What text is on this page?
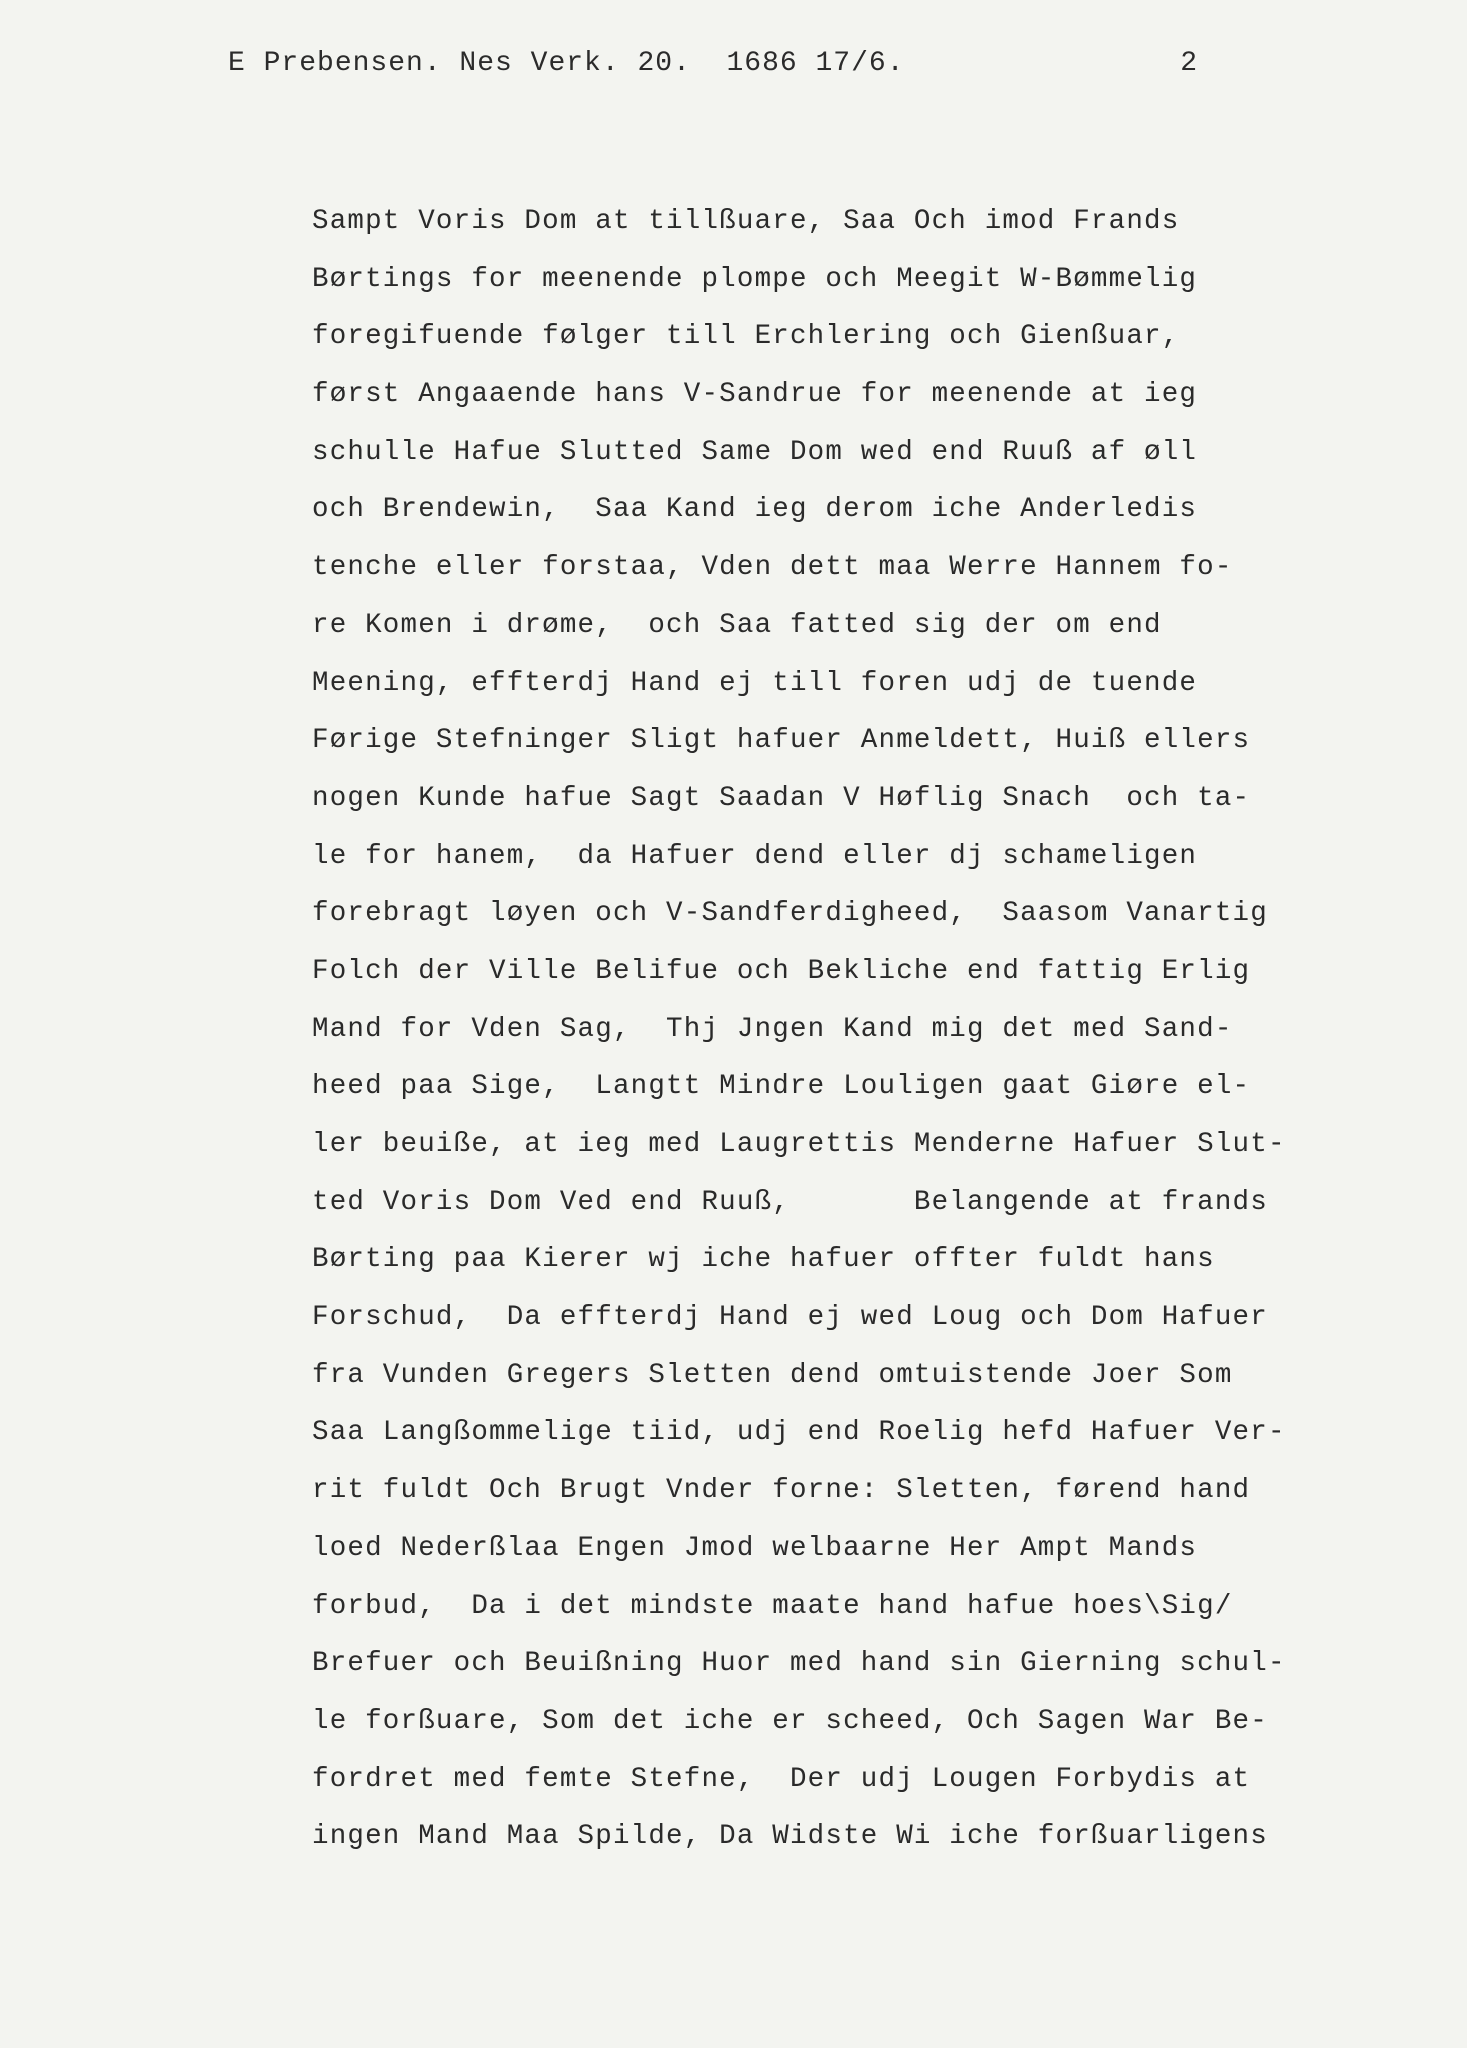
E Prebensen. Nes Verk. 20.  1686 17/6.	2
Sampt Voris Dom at tillßuare, Saa Och imod Frands
Børtings for meenende plompe och Meegit W-Bømmelig
foregifuende følger till Erchlering och Gienßuar,
først Angaaende hans V-Sandrue for meenende at ieg
schulle Hafue Slutted Same Dom wed end Ruuß af øll
och Brendewin,  Saa Kand ieg derom iche Anderledis
tenche eller forstaa, Vden dett maa Werre Hannem fo-
re Komen i drøme,  och Saa fatted sig der om end
Meening, effterdj Hand ej till foren udj de tuende
Førige Stefninger Sligt hafuer Anmeldett, Huiß ellers
nogen Kunde hafue Sagt Saadan V Høflig Snach  och ta-
le for hanem,  da Hafuer dend eller dj schameligen
forebragt løyen och V-Sandferdigheed,  Saasom Vanartig
Folch der Ville Belifue och Bekliche end fattig Erlig
Mand for Vden Sag,  Thj Jngen Kand mig det med Sand-
heed paa Sige,  Langtt Mindre Louligen gaat Giøre el-
ler beuiße, at ieg med Laugrettis Menderne Hafuer Slut-
ted Voris Dom Ved end Ruuß,       Belangende at frands
Børting paa Kierer wj iche hafuer offter fuldt hans
Forschud,  Da effterdj Hand ej wed Loug och Dom Hafuer
fra Vunden Gregers Sletten dend omtuistende Joer Som
Saa Langßommelige tiid, udj end Roelig hefd Hafuer Ver-
rit fuldt Och Brugt Vnder forne: Sletten, førend hand
loed Nederßlaa Engen Jmod welbaarne Her Ampt Mands
forbud,  Da i det mindste maate hand hafue hoes\Sig/
Brefuer och Beuißning Huor med hand sin Gierning schul-
le forßuare, Som det iche er scheed, Och Sagen War Be-
fordret med femte Stefne,  Der udj Lougen Forbydis at
ingen Mand Maa Spilde, Da Widste Wi iche forßuarligens
